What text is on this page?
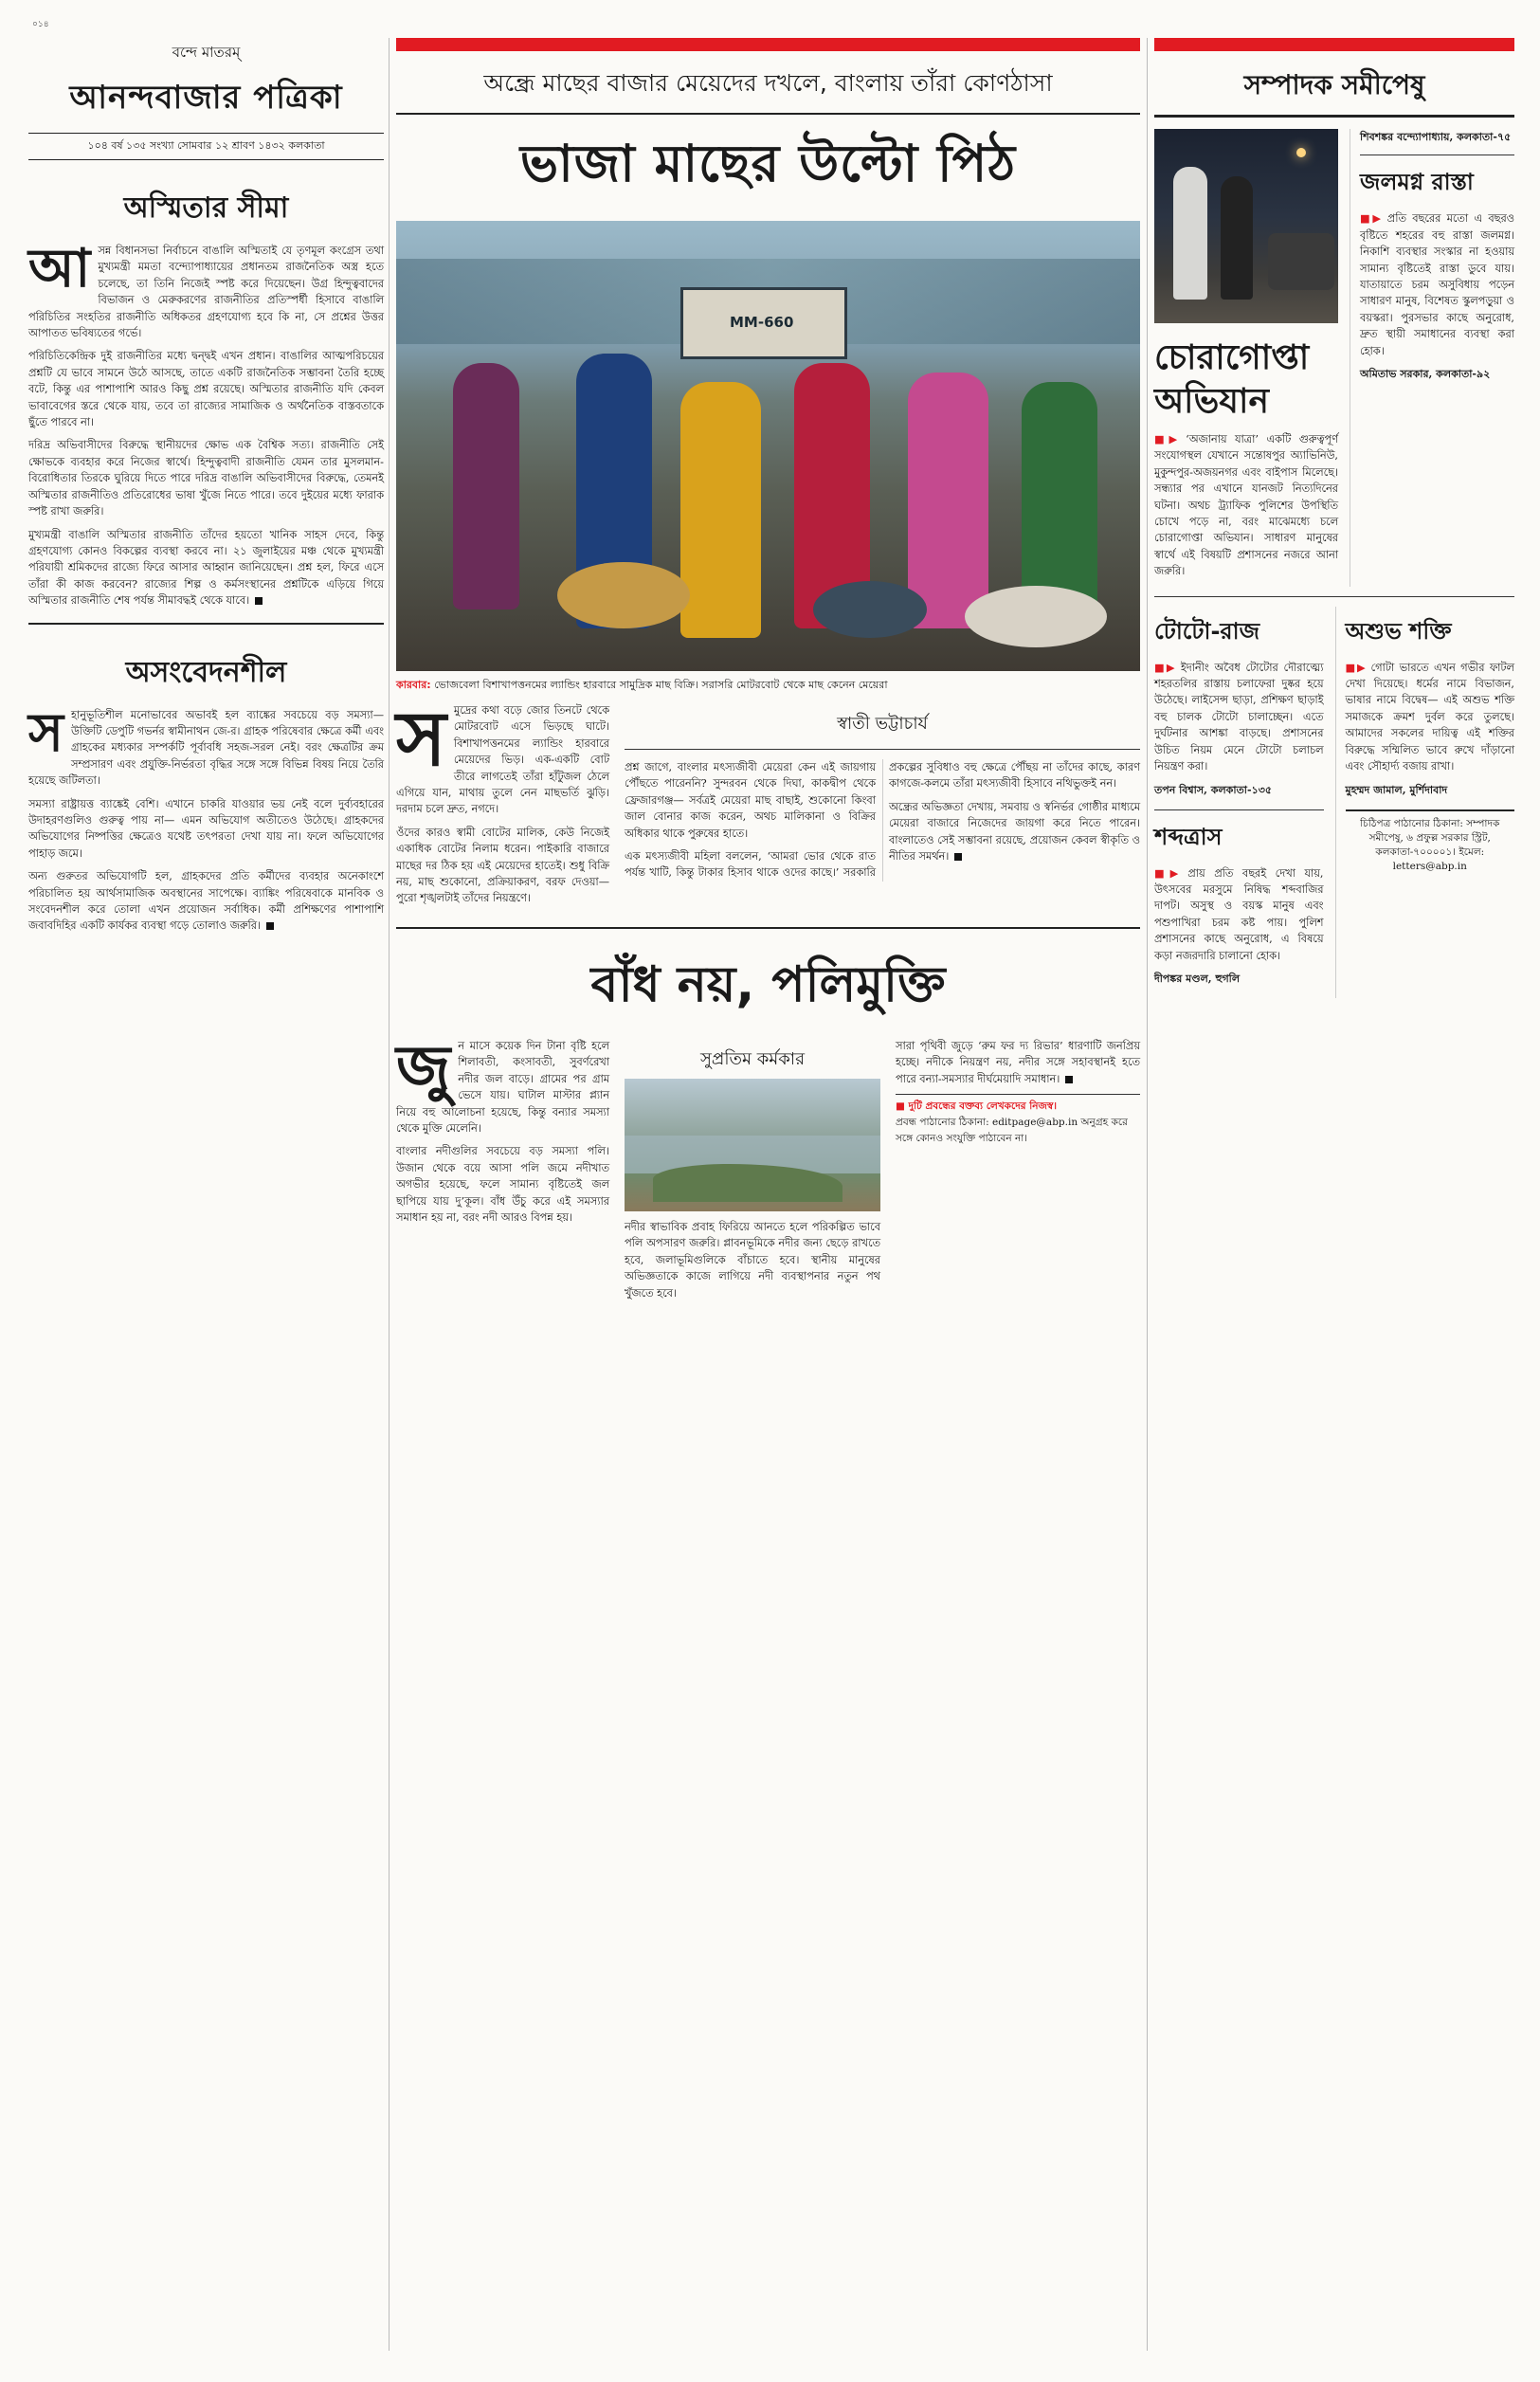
০১৪
বন্দে মাতরম্
আনন্দবাজার পত্রিকা
১০৪ বর্ষ ১৩৫ সংখ্যা সোমবার ১২ শ্রাবণ ১৪৩২ কলকাতা
অস্মিতার সীমা

আসন্ন বিধানসভা নির্বাচনে বাঙালি অস্মিতাই যে তৃণমূল কংগ্রেস তথা মুখ্যমন্ত্রী মমতা বন্দ্যোপাধ্যায়ের প্রধানতম রাজনৈতিক অস্ত্র হতে চলেছে, তা তিনি নিজেই স্পষ্ট করে দিয়েছেন। উগ্র হিন্দুত্ববাদের বিভাজন ও মেরুকরণের রাজনীতির প্রতিস্পর্ধী হিসাবে বাঙালি পরিচিতির সংহতির রাজনীতি অধিকতর গ্রহণযোগ্য হবে কি না, সে প্রশ্নের উত্তর আপাতত ভবিষ্যতের গর্ভে।

পরিচিতিকেন্দ্রিক দুই রাজনীতির মধ্যে দ্বন্দ্বই এখন প্রধান। বাঙালির আত্মপরিচয়ের প্রশ্নটি যে ভাবে সামনে উঠে আসছে, তাতে একটি রাজনৈতিক সম্ভাবনা তৈরি হচ্ছে বটে, কিন্তু এর পাশাপাশি আরও কিছু প্রশ্ন রয়েছে। অস্মিতার রাজনীতি যদি কেবল ভাবাবেগের স্তরে থেকে যায়, তবে তা রাজ্যের সামাজিক ও অর্থনৈতিক বাস্তবতাকে ছুঁতে পারবে না।

দরিদ্র অভিবাসীদের বিরুদ্ধে স্থানীয়দের ক্ষোভ এক বৈশ্বিক সত্য। রাজনীতি সেই ক্ষোভকে ব্যবহার করে নিজের স্বার্থে। হিন্দুত্ববাদী রাজনীতি যেমন তার মুসলমান-বিরোধিতার তিরকে ঘুরিয়ে দিতে পারে দরিদ্র বাঙালি অভিবাসীদের বিরুদ্ধে, তেমনই অস্মিতার রাজনীতিও প্রতিরোধের ভাষা খুঁজে নিতে পারে। তবে দুইয়ের মধ্যে ফারাক স্পষ্ট রাখা জরুরি।

মুখ্যমন্ত্রী বাঙালি অস্মিতার রাজনীতি তাঁদের হয়তো খানিক সাহস দেবে, কিন্তু গ্রহণযোগ্য কোনও বিকল্পের ব্যবস্থা করবে না। ২১ জুলাইয়ের মঞ্চ থেকে মুখ্যমন্ত্রী পরিযায়ী শ্রমিকদের রাজ্যে ফিরে আসার আহ্বান জানিয়েছেন। প্রশ্ন হল, ফিরে এসে তাঁরা কী কাজ করবেন? রাজ্যের শিল্প ও কর্মসংস্থানের প্রশ্নটিকে এড়িয়ে গিয়ে অস্মিতার রাজনীতি শেষ পর্যন্ত সীমাবদ্ধই থেকে যাবে।

অসংবেদনশীল

সহানুভূতিশীল মনোভাবের অভাবই হল ব্যাঙ্কের সবচেয়ে বড় সমস্যা— উক্তিটি ডেপুটি গভর্নর স্বামীনাথন জে-র। গ্রাহক পরিষেবার ক্ষেত্রে কর্মী এবং গ্রাহকের মধ্যকার সম্পর্কটি পূর্বাবধি সহজ-সরল নেই। বরং ক্ষেত্রটির ক্রম সম্প্রসারণ এবং প্রযুক্তি-নির্ভরতা বৃদ্ধির সঙ্গে সঙ্গে বিভিন্ন বিষয় নিয়ে তৈরি হয়েছে জটিলতা।

সমস্যা রাষ্ট্রায়ত্ত ব্যাঙ্কেই বেশি। এখানে চাকরি যাওয়ার ভয় নেই বলে দুর্ব্যবহারের উদাহরণগুলিও গুরুত্ব পায় না— এমন অভিযোগ অতীতেও উঠেছে। গ্রাহকদের অভিযোগের নিষ্পত্তির ক্ষেত্রেও যথেষ্ট তৎপরতা দেখা যায় না। ফলে অভিযোগের পাহাড় জমে।

অন্য গুরুতর অভিযোগটি হল, গ্রাহকদের প্রতি কর্মীদের ব্যবহার অনেকাংশে পরিচালিত হয় আর্থসামাজিক অবস্থানের সাপেক্ষে। ব্যাঙ্কিং পরিষেবাকে মানবিক ও সংবেদনশীল করে তোলা এখন প্রয়োজন সর্বাধিক। কর্মী প্রশিক্ষণের পাশাপাশি জবাবদিহির একটি কার্যকর ব্যবস্থা গড়ে তোলাও জরুরি।

অন্ধ্রে মাছের বাজার মেয়েদের দখলে, বাংলায় তাঁরা কোণঠাসা
ভাজা মাছের উল্টো পিঠ
MM-660
কারবার: ভোজবেলা বিশাখাপত্তনমের ল্যান্ডিং হারবারে সামুদ্রিক মাছ বিক্রি। সরাসরি মোটরবোট থেকে মাছ কেনেন মেয়েরা

সমুদ্রের কথা বড়ে জোর তিনটে থেকে মোটরবোট এসে ভিড়ছে ঘাটে। বিশাখাপত্তনমের ল্যান্ডিং হারবারে মেয়েদের ভিড়। এক-একটি বোট তীরে লাগতেই তাঁরা হাঁটুজল ঠেলে এগিয়ে যান, মাথায় তুলে নেন মাছভর্তি ঝুড়ি। দরদাম চলে দ্রুত, নগদে।

ওঁদের কারও স্বামী বোটের মালিক, কেউ নিজেই একাধিক বোটের নিলাম ধরেন। পাইকারি বাজারে মাছের দর ঠিক হয় এই মেয়েদের হাতেই। শুধু বিক্রি নয়, মাছ শুকোনো, প্রক্রিয়াকরণ, বরফ দেওয়া— পুরো শৃঙ্খলটাই তাঁদের নিয়ন্ত্রণে।

স্বাতী ভট্টাচার্য

প্রশ্ন জাগে, বাংলার মৎস্যজীবী মেয়েরা কেন এই জায়গায় পৌঁছতে পারেননি? সুন্দরবন থেকে দিঘা, কাকদ্বীপ থেকে ফ্রেজারগঞ্জ— সর্বত্রই মেয়েরা মাছ বাছাই, শুকোনো কিংবা জাল বোনার কাজ করেন, অথচ মালিকানা ও বিক্রির অধিকার থাকে পুরুষের হাতে।

এক মৎস্যজীবী মহিলা বললেন, ‘আমরা ভোর থেকে রাত পর্যন্ত খাটি, কিন্তু টাকার হিসাব থাকে ওদের কাছে।’ সরকারি প্রকল্পের সুবিধাও বহু ক্ষেত্রে পৌঁছয় না তাঁদের কাছে, কারণ কাগজে-কলমে তাঁরা মৎস্যজীবী হিসাবে নথিভুক্তই নন।

অন্ধ্রের অভিজ্ঞতা দেখায়, সমবায় ও স্বনির্ভর গোষ্ঠীর মাধ্যমে মেয়েরা বাজারে নিজেদের জায়গা করে নিতে পারেন। বাংলাতেও সেই সম্ভাবনা রয়েছে, প্রয়োজন কেবল স্বীকৃতি ও নীতির সমর্থন।

বাঁধ নয়, পলিমুক্তি

জুন মাসে কয়েক দিন টানা বৃষ্টি হলে শিলাবতী, কংসাবতী, সুবর্ণরেখা নদীর জল বাড়ে। গ্রামের পর গ্রাম ভেসে যায়। ঘাটাল মাস্টার প্ল্যান নিয়ে বহু আলোচনা হয়েছে, কিন্তু বন্যার সমস্যা থেকে মুক্তি মেলেনি।

বাংলার নদীগুলির সবচেয়ে বড় সমস্যা পলি। উজান থেকে বয়ে আসা পলি জমে নদীখাত অগভীর হয়েছে, ফলে সামান্য বৃষ্টিতেই জল ছাপিয়ে যায় দু’কূল। বাঁধ উঁচু করে এই সমস্যার সমাধান হয় না, বরং নদী আরও বিপন্ন হয়।

সুপ্রতিম কর্মকার

নদীর স্বাভাবিক প্রবাহ ফিরিয়ে আনতে হলে পরিকল্পিত ভাবে পলি অপসারণ জরুরি। প্লাবনভূমিকে নদীর জন্য ছেড়ে রাখতে হবে, জলাভূমিগুলিকে বাঁচাতে হবে। স্থানীয় মানুষের অভিজ্ঞতাকে কাজে লাগিয়ে নদী ব্যবস্থাপনার নতুন পথ খুঁজতে হবে।

সারা পৃথিবী জুড়ে ‘রুম ফর দ্য রিভার’ ধারণাটি জনপ্রিয় হচ্ছে। নদীকে নিয়ন্ত্রণ নয়, নদীর সঙ্গে সহাবস্থানই হতে পারে বন্যা-সমস্যার দীর্ঘমেয়াদি সমাধান।

■ দুটি প্রবন্ধের বক্তব্য লেখকদের নিজস্ব।
প্রবন্ধ পাঠানোর ঠিকানা: editpage@abp.in অনুগ্রহ করে সঙ্গে কোনও সংযুক্তি পাঠাবেন না।
সম্পাদক সমীপেষু
চোরাগোপ্তা অভিযান

■▶ ‘অজানায় যাত্রা’ একটি গুরুত্বপূর্ণ সংযোগস্থল যেখানে সন্তোষপুর অ্যাভিনিউ, মুকুন্দপুর-অজয়নগর এবং বাইপাস মিলেছে। সন্ধ্যার পর এখানে যানজট নিত্যদিনের ঘটনা। অথচ ট্র্যাফিক পুলিশের উপস্থিতি চোখে পড়ে না, বরং মাঝেমধ্যে চলে চোরাগোপ্তা অভিযান। সাধারণ মানুষের স্বার্থে এই বিষয়টি প্রশাসনের নজরে আনা জরুরি।

শিবশঙ্কর বন্দ্যোপাধ্যায়, কলকাতা-৭৫

জলমগ্ন রাস্তা

■▶ প্রতি বছরের মতো এ বছরও বৃষ্টিতে শহরের বহু রাস্তা জলমগ্ন। নিকাশি ব্যবস্থার সংস্কার না হওয়ায় সামান্য বৃষ্টিতেই রাস্তা ডুবে যায়। যাতায়াতে চরম অসুবিধায় পড়েন সাধারণ মানুষ, বিশেষত স্কুলপড়ুয়া ও বয়স্করা। পুরসভার কাছে অনুরোধ, দ্রুত স্থায়ী সমাধানের ব্যবস্থা করা হোক।

অমিতাভ সরকার, কলকাতা-৯২
টোটো-রাজ

■▶ ইদানীং অবৈধ টোটোর দৌরাত্ম্যে শহরতলির রাস্তায় চলাফেরা দুষ্কর হয়ে উঠেছে। লাইসেন্স ছাড়া, প্রশিক্ষণ ছাড়াই বহু চালক টোটো চালাচ্ছেন। এতে দুর্ঘটনার আশঙ্কা বাড়ছে। প্রশাসনের উচিত নিয়ম মেনে টোটো চলাচল নিয়ন্ত্রণ করা।

তপন বিশ্বাস, কলকাতা-১৩৫
শব্দত্রাস

■▶ প্রায় প্রতি বছরই দেখা যায়, উৎসবের মরসুমে নিষিদ্ধ শব্দবাজির দাপট। অসুস্থ ও বয়স্ক মানুষ এবং পশুপাখিরা চরম কষ্ট পায়। পুলিশ প্রশাসনের কাছে অনুরোধ, এ বিষয়ে কড়া নজরদারি চালানো হোক।

দীপঙ্কর মণ্ডল, হুগলি
অশুভ শক্তি

■▶ গোটা ভারতে এখন গভীর ফাটল দেখা দিয়েছে। ধর্মের নামে বিভাজন, ভাষার নামে বিদ্বেষ— এই অশুভ শক্তি সমাজকে ক্রমশ দুর্বল করে তুলছে। আমাদের সকলের দায়িত্ব এই শক্তির বিরুদ্ধে সম্মিলিত ভাবে রুখে দাঁড়ানো এবং সৌহার্দ্য বজায় রাখা।

মুহম্মদ জামাল, মুর্শিদাবাদ
চিঠিপত্র পাঠানোর ঠিকানা: সম্পাদক সমীপেষু, ৬ প্রফুল্ল সরকার স্ট্রিট, কলকাতা-৭০০০০১। ইমেল: letters@abp.in
